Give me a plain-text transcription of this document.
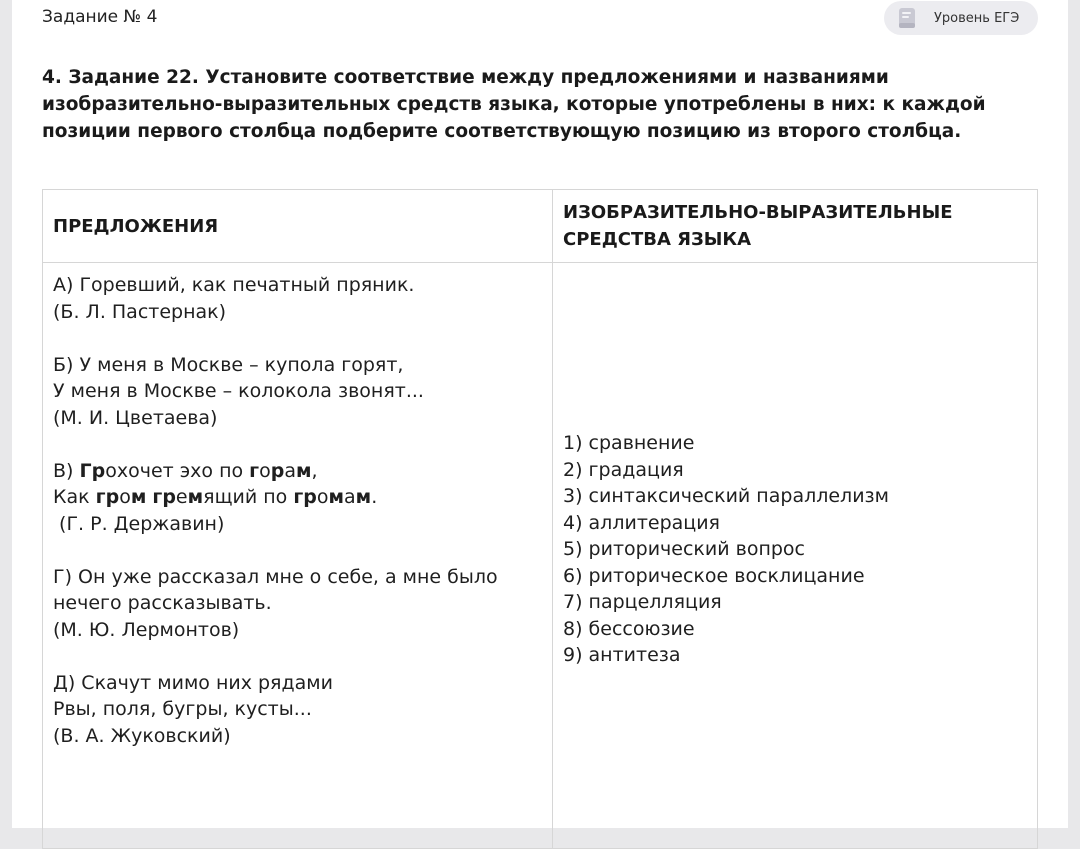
Задание № 4	Уровень ЕГЭ
4. Задание 22. Установите соответствие между предложениями и названиями изобразительно-выразительных средств языка, которые употреблены в них: к каждой позиции первого столбца подберите соответствующую позицию из второго столбца.
ПРЕДЛОЖЕНИЯ
ИЗОБРАЗИТЕЛЬНО-ВЫРАЗИТЕЛЬНЫЕ СРЕДСТВА ЯЗЫКА
А) Горевший, как печатный пряник.
(Б. Л. Пастернак)
Б) У меня в Москве – купола горят,
У меня в Москве – колокола звонят...
(М. И. Цветаева)
В) Грохочет эхо по горам,
Как гром гремящий по громам.
(Г. Р. Державин)
Г) Он уже рассказал мне о себе, а мне было
нечего рассказывать.
(М. Ю. Лермонтов)
Д) Скачут мимо них рядами
Рвы, поля, бугры, кусты...
(В. А. Жуковский)
1) сравнение
2) градация
3) синтаксический параллелизм
4) аллитерация
5) риторический вопрос
6) риторическое восклицание
7) парцелляция
8) бессоюзие
9) антитеза
